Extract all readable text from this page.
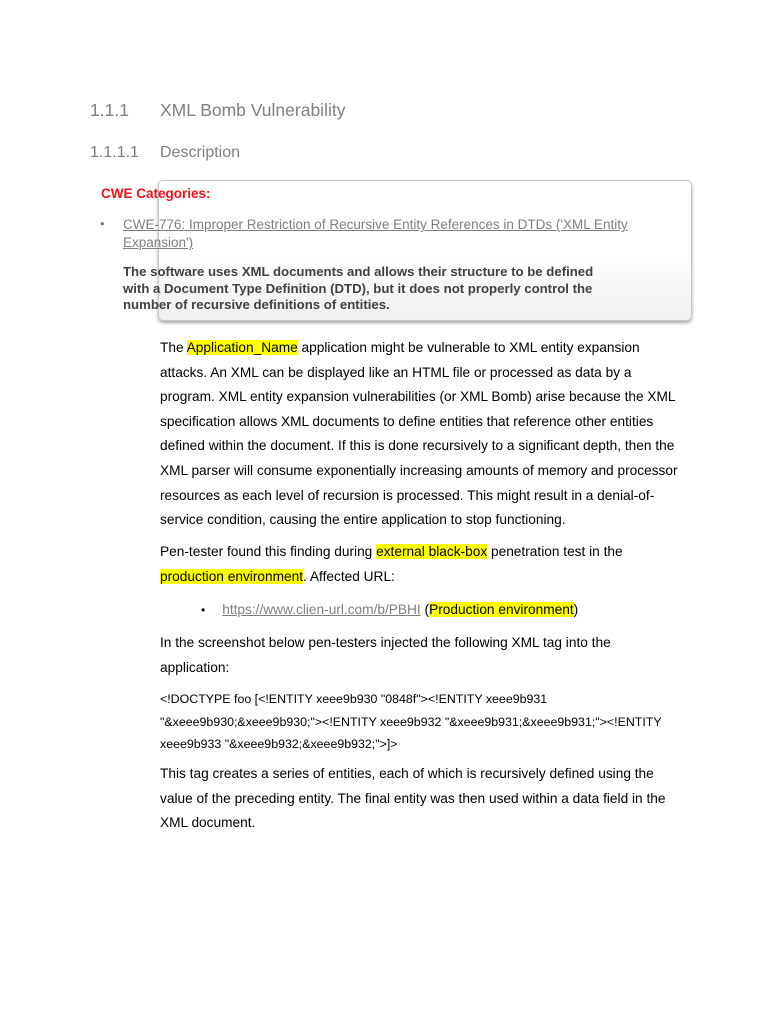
1.1.1 XML Bomb Vulnerability
1.1.1.1 Description
CWE Categories:
• CWE-776: Improper Restriction of Recursive Entity References in DTDs ('XML Entity Expansion')
The software uses XML documents and allows their structure to be defined with a Document Type Definition (DTD), but it does not properly control the number of recursive definitions of entities.
The Application_Name application might be vulnerable to XML entity expansion attacks. An XML can be displayed like an HTML file or processed as data by a program. XML entity expansion vulnerabilities (or XML Bomb) arise because the XML specification allows XML documents to define entities that reference other entities defined within the document. If this is done recursively to a significant depth, then the XML parser will consume exponentially increasing amounts of memory and processor resources as each level of recursion is processed. This might result in a denial-of-service condition, causing the entire application to stop functioning.
Pen-tester found this finding during external black-box penetration test in the production environment. Affected URL:
• https://www.clien-url.com/b/PBHI (Production environment)
In the screenshot below pen-testers injected the following XML tag into the application:
<!DOCTYPE foo [<!ENTITY xeee9b930 "0848f"><!ENTITY xeee9b931 "&xeee9b930;&xeee9b930;"><!ENTITY xeee9b932 "&xeee9b931;&xeee9b931;"><!ENTITY xeee9b933 "&xeee9b932;&xeee9b932;">]>
This tag creates a series of entities, each of which is recursively defined using the value of the preceding entity. The final entity was then used within a data field in the XML document.
